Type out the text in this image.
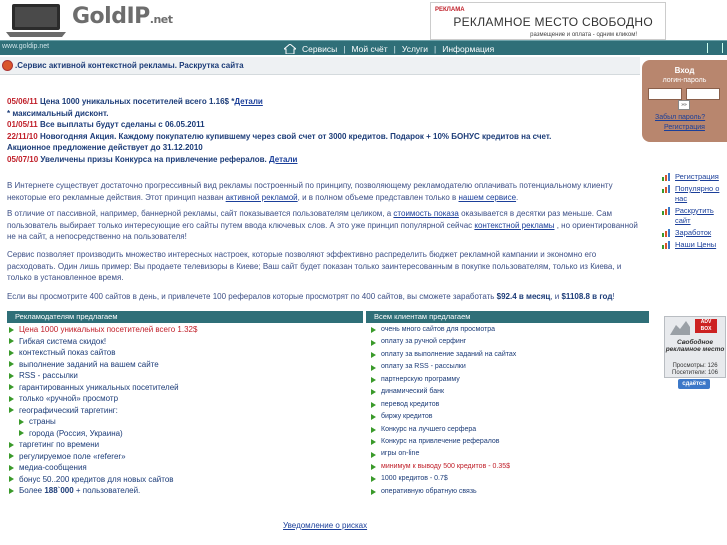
GoldIP.net
РЕКЛАМА
РЕКЛАМНОЕ МЕСТО СВОБОДНО
размещение и оплата - одним кликом!
www.goldip.net	Сервисы | Мой счёт | Услуги | Информация
.Сервис активной контекстной рекламы. Раскрутка сайта
Вход
логин-пароль
»»
Забыл пароль?
Регистрация
Регистрация
Популярно о нас
Раскрутить сайт
Заработок
Наши Цены
ADV BOX
Свободное рекламное место
Просмотры: 126
Посетители: 106
сдаётся
05/06/11 Цена 1000 уникальных посетителей всего 1.16$ *Детали
* максимальный дисконт.
01/05/11 Все выплаты будут сделаны с 06.05.2011
22/11/10 Новогодняя Акция. Каждому покупателю купившему через свой счет от 3000 кредитов. Подарок + 10% БОНУС кредитов на счет.
Акционное предложение действует до 31.12.2010
05/07/10 Увеличены призы Конкурса на привлечение рефералов. Детали
В Интернете существует достаточно прогрессивный вид рекламы построенный по принципу, позволяющему рекламодателю оплачивать потенциальному клиенту некоторые его рекламные действия. Этот принцип назван активной рекламой, и в полном объеме представлен только в нашем сервисе.
В отличие от пассивной, например, баннерной рекламы, сайт показывается пользователям целиком, а стоимость показа оказывается в десятки раз меньше. Сам пользователь выбирает только интересующие его сайты путем ввода ключевых слов. А это уже принцип популярной сейчас контекстной рекламы , но ориентированной не на сайт, а непосредственно на пользователя!
Сервис позволяет производить множество интересных настроек, которые позволяют эффективно распределить бюджет рекламной кампании и экономно его расходовать. Один лишь пример: Вы продаете телевизоры в Киеве; Ваш сайт будет показан только заинтересованным в покупке пользователям, только из Киева, и только в установленное время.
Если вы просмотрите 400 сайтов в день, и привлечете 100 рефералов которые просмотрят по 400 сайтов, вы сможете заработать $92.4 в месяц, и $1108.8 в год!
Рекламодателям предлагаем	Всем клиентам предлагаем
Цена 1000 уникальных посетителей всего 1.32$
Гибкая система скидок!
контекстный показ сайтов
выполнение заданий на вашем сайте
RSS - рассылки
гарантированных уникальных посетителей
только «ручной» просмотр
географический таргетинг:
страны
города (Россия, Украина)
таргетинг по времени
регулируемое поле «referer»
медиа-сообщения
бонус 50..200 кредитов для новых сайтов
Более 188`000 + пользователей.
очень много сайтов для просмотра
оплату за ручной серфинг
оплату за выполнение заданий на сайтах
оплату за RSS - рассылки
партнерскую программу
динамический банк
перевод кредитов
биржу кредитов
Конкурс на лучшего серфера
Конкурс на привлечение рефералов
игры on-line
минимум к выводу 500 кредитов - 0.35$
1000 кредитов - 0.7$
оперативную обратную связь
Уведомление о рисках
